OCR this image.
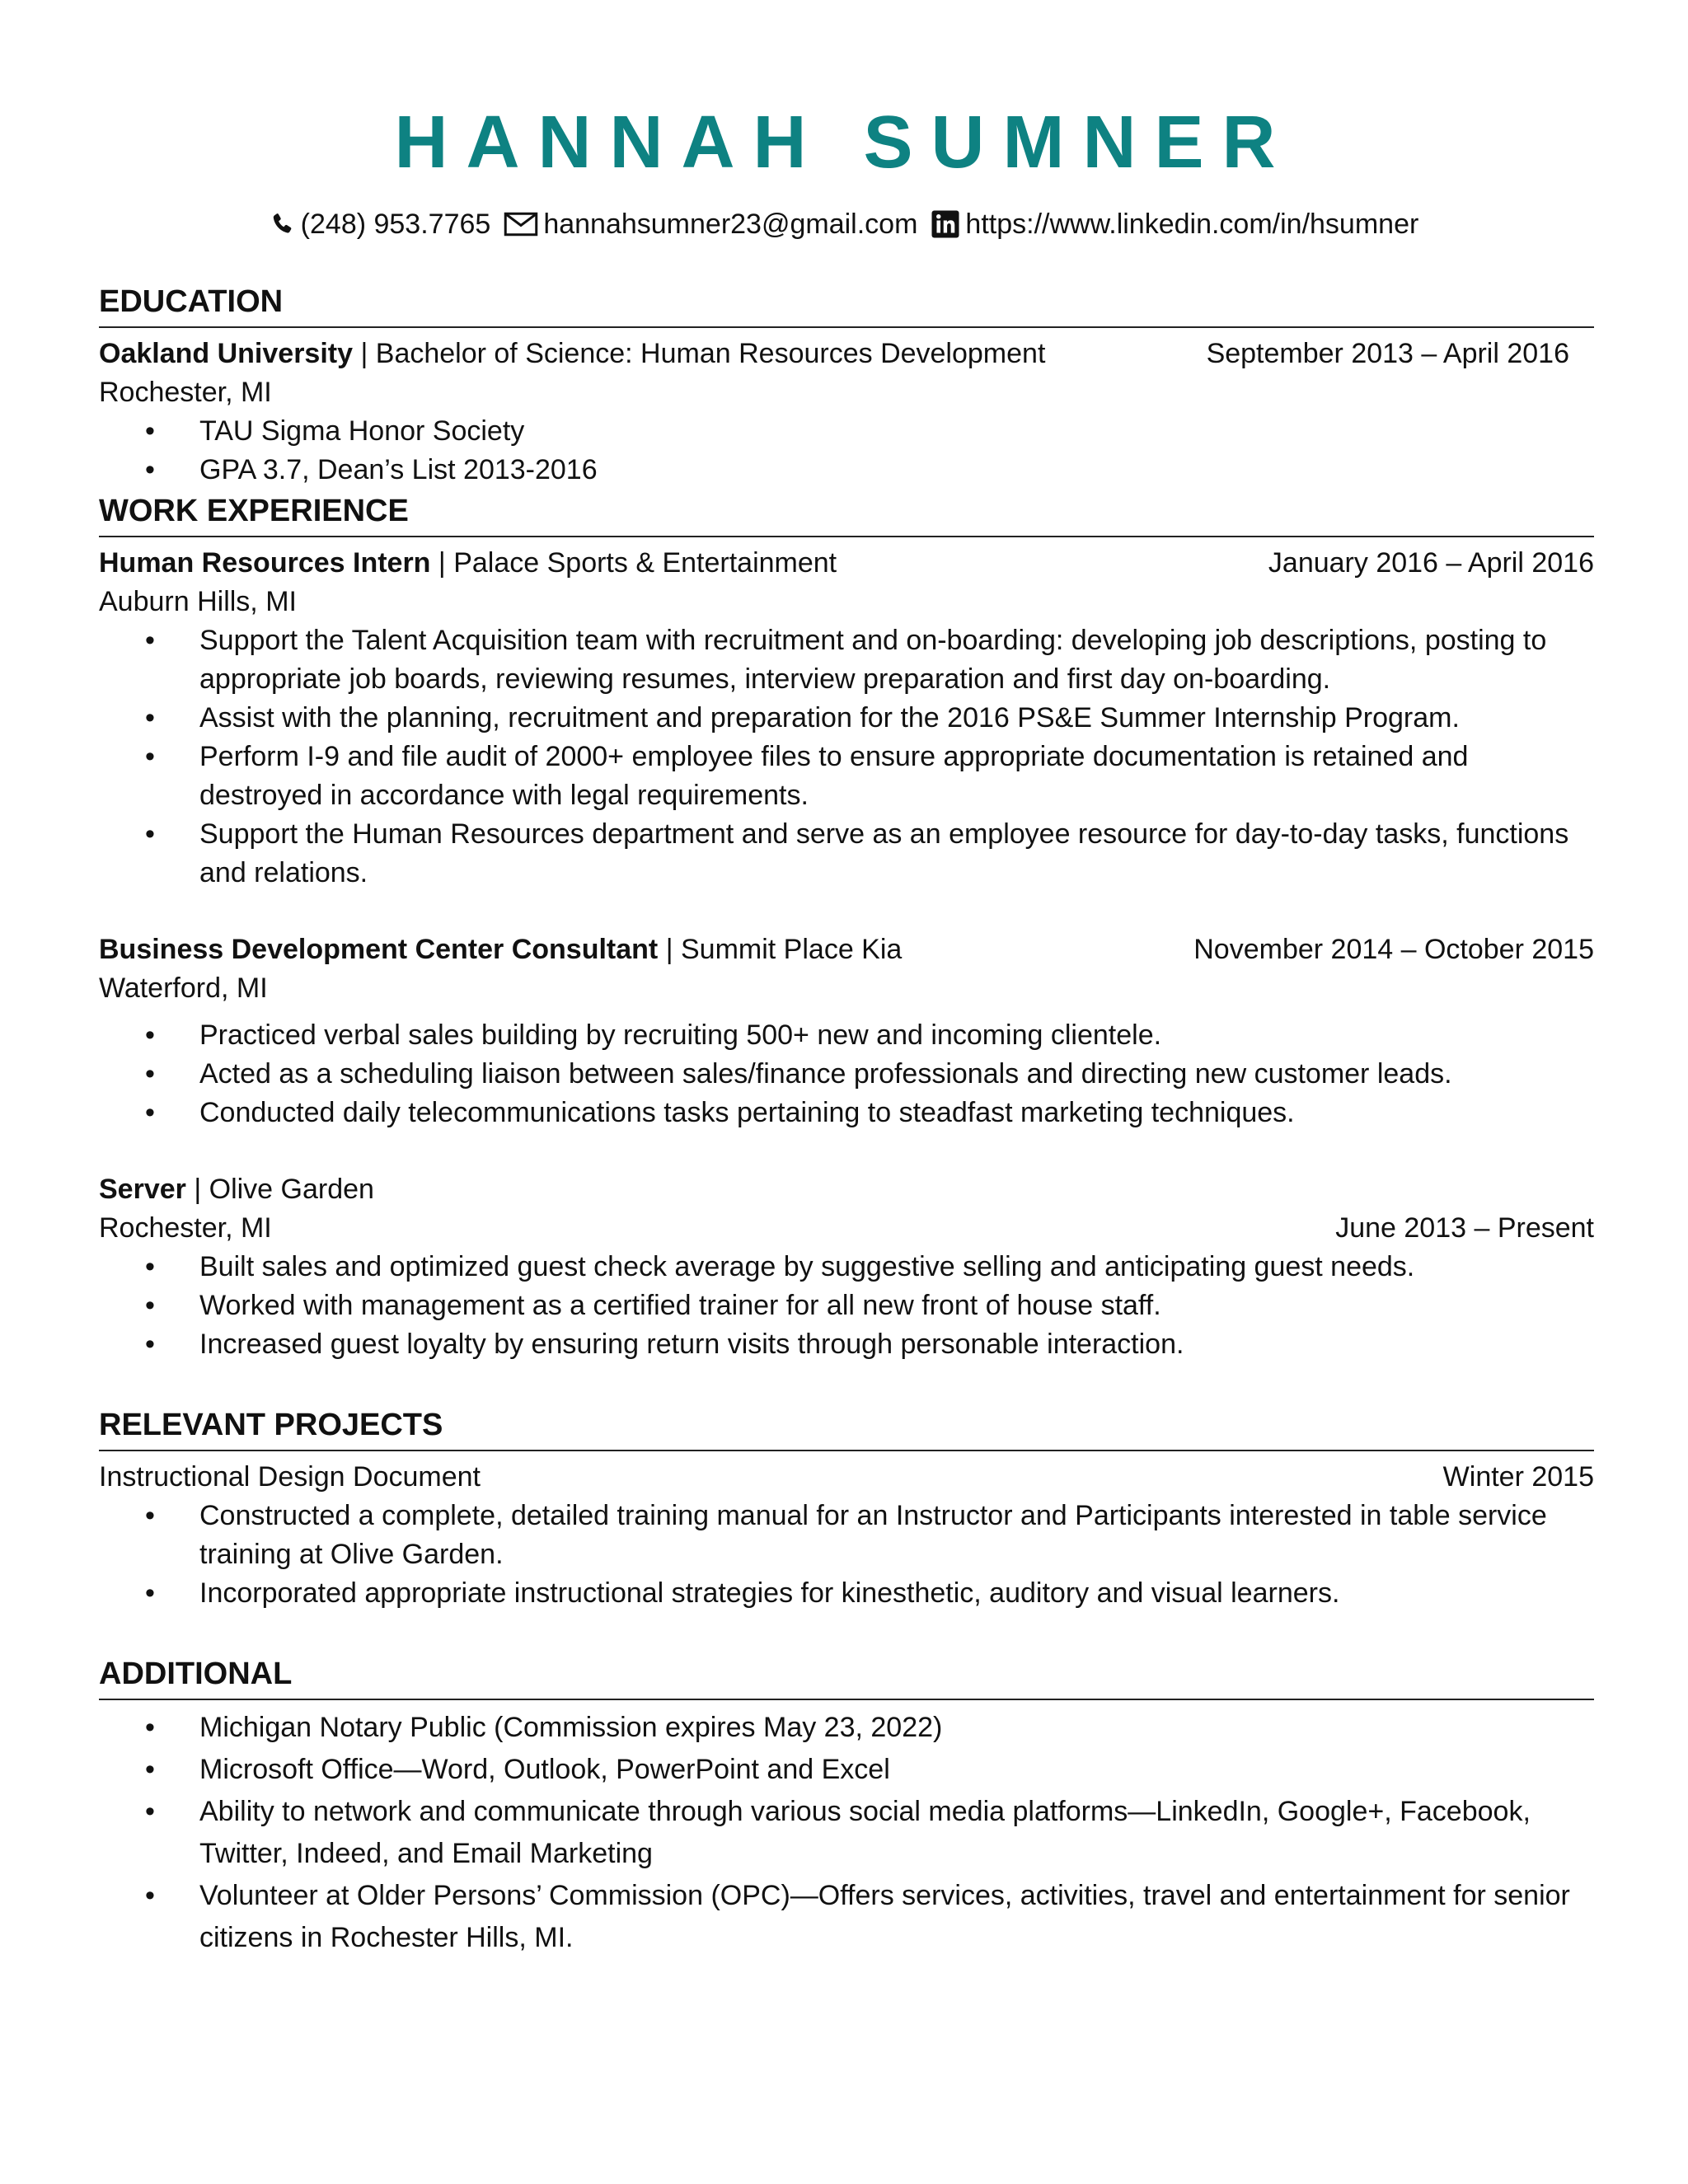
HANNAH SUMNER
(248) 953.7765 hannahsumner23@gmail.com https://www.linkedin.com/in/hsumner
EDUCATION
Oakland University | Bachelor of Science: Human Resources Development	September 2013 – April 2016
Rochester, MI
• TAU Sigma Honor Society
• GPA 3.7, Dean’s List 2013-2016
WORK EXPERIENCE
Human Resources Intern | Palace Sports & Entertainment	January 2016 – April 2016
Auburn Hills, MI
• Support the Talent Acquisition team with recruitment and on-boarding: developing job descriptions, posting to appropriate job boards, reviewing resumes, interview preparation and first day on-boarding.
• Assist with the planning, recruitment and preparation for the 2016 PS&E Summer Internship Program.
• Perform I-9 and file audit of 2000+ employee files to ensure appropriate documentation is retained and destroyed in accordance with legal requirements.
• Support the Human Resources department and serve as an employee resource for day-to-day tasks, functions and relations.
Business Development Center Consultant | Summit Place Kia	November 2014 – October 2015
Waterford, MI
• Practiced verbal sales building by recruiting 500+ new and incoming clientele.
• Acted as a scheduling liaison between sales/finance professionals and directing new customer leads.
• Conducted daily telecommunications tasks pertaining to steadfast marketing techniques.
Server | Olive Garden
Rochester, MI	June 2013 – Present
• Built sales and optimized guest check average by suggestive selling and anticipating guest needs.
• Worked with management as a certified trainer for all new front of house staff.
• Increased guest loyalty by ensuring return visits through personable interaction.
RELEVANT PROJECTS
Instructional Design Document	Winter 2015
• Constructed a complete, detailed training manual for an Instructor and Participants interested in table service training at Olive Garden.
• Incorporated appropriate instructional strategies for kinesthetic, auditory and visual learners.
ADDITIONAL
• Michigan Notary Public (Commission expires May 23, 2022)
• Microsoft Office—Word, Outlook, PowerPoint and Excel
• Ability to network and communicate through various social media platforms—LinkedIn, Google+, Facebook, Twitter, Indeed, and Email Marketing
• Volunteer at Older Persons’ Commission (OPC)—Offers services, activities, travel and entertainment for senior citizens in Rochester Hills, MI.
